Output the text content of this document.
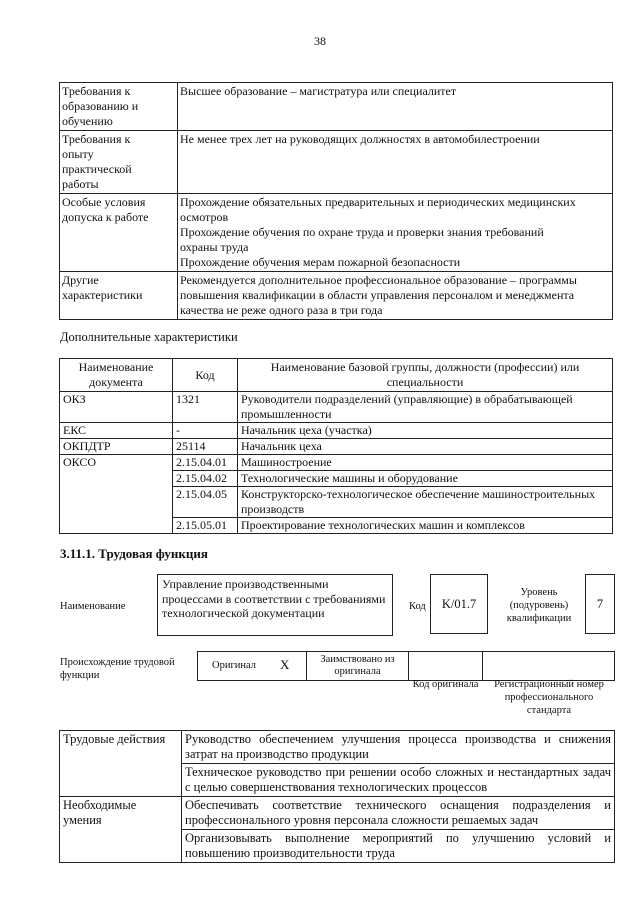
38
Требования к
образованию и
обучению	Высшее образование – магистратура или специалитет

Требования к
опыту
практической
работы	Не менее трех лет на руководящих должностях в автомобилестроении

Особые условия
допуска к работе	Прохождение обязательных предварительных и периодических медицинских
осмотров
Прохождение обучения по охране труда и проверки знания требований
охраны труда
Прохождение обучения мерам пожарной безопасности

Другие
характеристики	Рекомендуется дополнительное профессиональное образование – программы
повышения квалификации в области управления персоналом и менеджмента
качества не реже одного раза в три года
Дополнительные характеристики
Наименование документа	Код	Наименование базовой группы, должности (профессии) или специальности
ОКЗ	1321	Руководители подразделений (управляющие) в обрабатывающей промышленности
ЕКС	-	Начальник цеха (участка)
ОКПДТР	25114	Начальник цеха
ОКСО	2.15.04.01	Машиностроение
	2.15.04.02	Технологические машины и оборудование
	2.15.04.05	Конструкторско-технологическое обеспечение машиностроительных производств
	2.15.05.01	Проектирование технологических машин и комплексов
3.11.1. Трудовая функция
Наименование
Управление производственными процессами в соответствии с требованиями технологической документации	Код	K/01.7
Уровень (подуровень) квалификации
7
Происхождение трудовой функции
Оригинал X	Заимствовано из оригинала
Код оригинала	Регистрационный номер профессионального стандарта
Трудовые действия	Руководство обеспечением улучшения процесса производства и снижения затрат на производство продукции
	Техническое руководство при решении особо сложных и нестандартных задач с целью совершенствования технологических процессов
Необходимые умения	Обеспечивать соответствие технического оснащения подразделения и профессионального уровня персонала сложности решаемых задач
	Организовывать выполнение мероприятий по улучшению условий и повышению производительности труда
